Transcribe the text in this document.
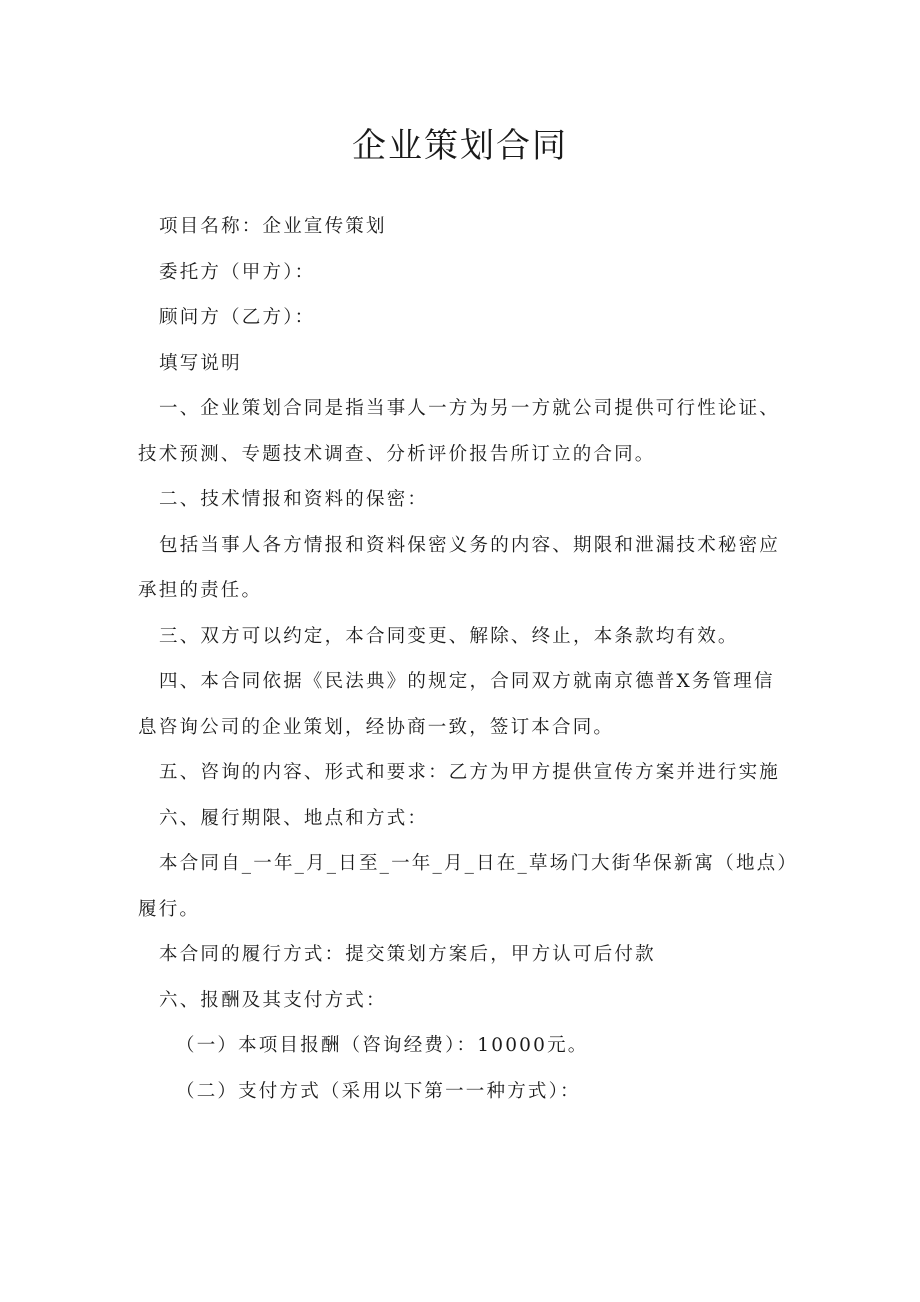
企业策划合同

项目名称：企业宣传策划

委托方（甲方）：

顾问方（乙方）：

填写说明

一、企业策划合同是指当事人一方为另一方就公司提供可行性论证、技术预测、专题技术调查、分析评价报告所订立的合同。

二、技术情报和资料的保密：

包括当事人各方情报和资料保密义务的内容、期限和泄漏技术秘密应承担的责任。

三、双方可以约定，本合同变更、解除、终止，本条款均有效。

四、本合同依据《民法典》的规定，合同双方就南京德普X务管理信息咨询公司的企业策划，经协商一致，签订本合同。

五、咨询的内容、形式和要求：乙方为甲方提供宣传方案并进行实施

六、履行期限、地点和方式：

本合同自_一年_月_日至_一年_月_日在_草场门大街华保新寓（地点）履行。

本合同的履行方式：提交策划方案后，甲方认可后付款

六、报酬及其支付方式：

（一）本项目报酬（咨询经费）：10000元。

（二）支付方式（采用以下第一一种方式）：
